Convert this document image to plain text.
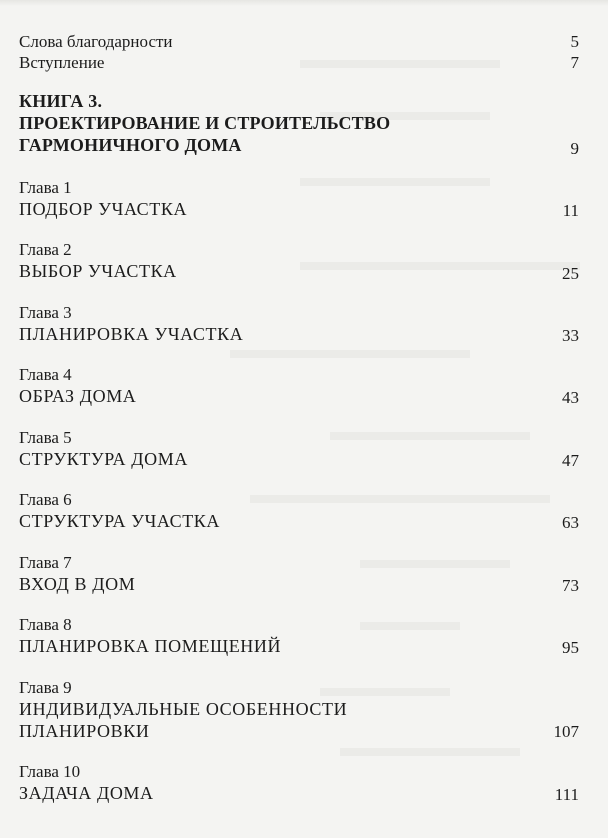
Слова благодарности	5
Вступление	7
КНИГА 3.
ПРОЕКТИРОВАНИЕ И СТРОИТЕЛЬСТВО
ГАРМОНИЧНОГО ДОМА	9
Глава 1
ПОДБОР УЧАСТКА	11
Глава 2
ВЫБОР УЧАСТКА	25
Глава 3
ПЛАНИРОВКА УЧАСТКА	33
Глава 4
ОБРАЗ ДОМА	43
Глава 5
СТРУКТУРА ДОМА	47
Глава 6
СТРУКТУРА УЧАСТКА	63
Глава 7
ВХОД В ДОМ	73
Глава 8
ПЛАНИРОВКА ПОМЕЩЕНИЙ	95
Глава 9
ИНДИВИДУАЛЬНЫЕ ОСОБЕННОСТИ
ПЛАНИРОВКИ	107
Глава 10
ЗАДАЧА ДОМА	111
